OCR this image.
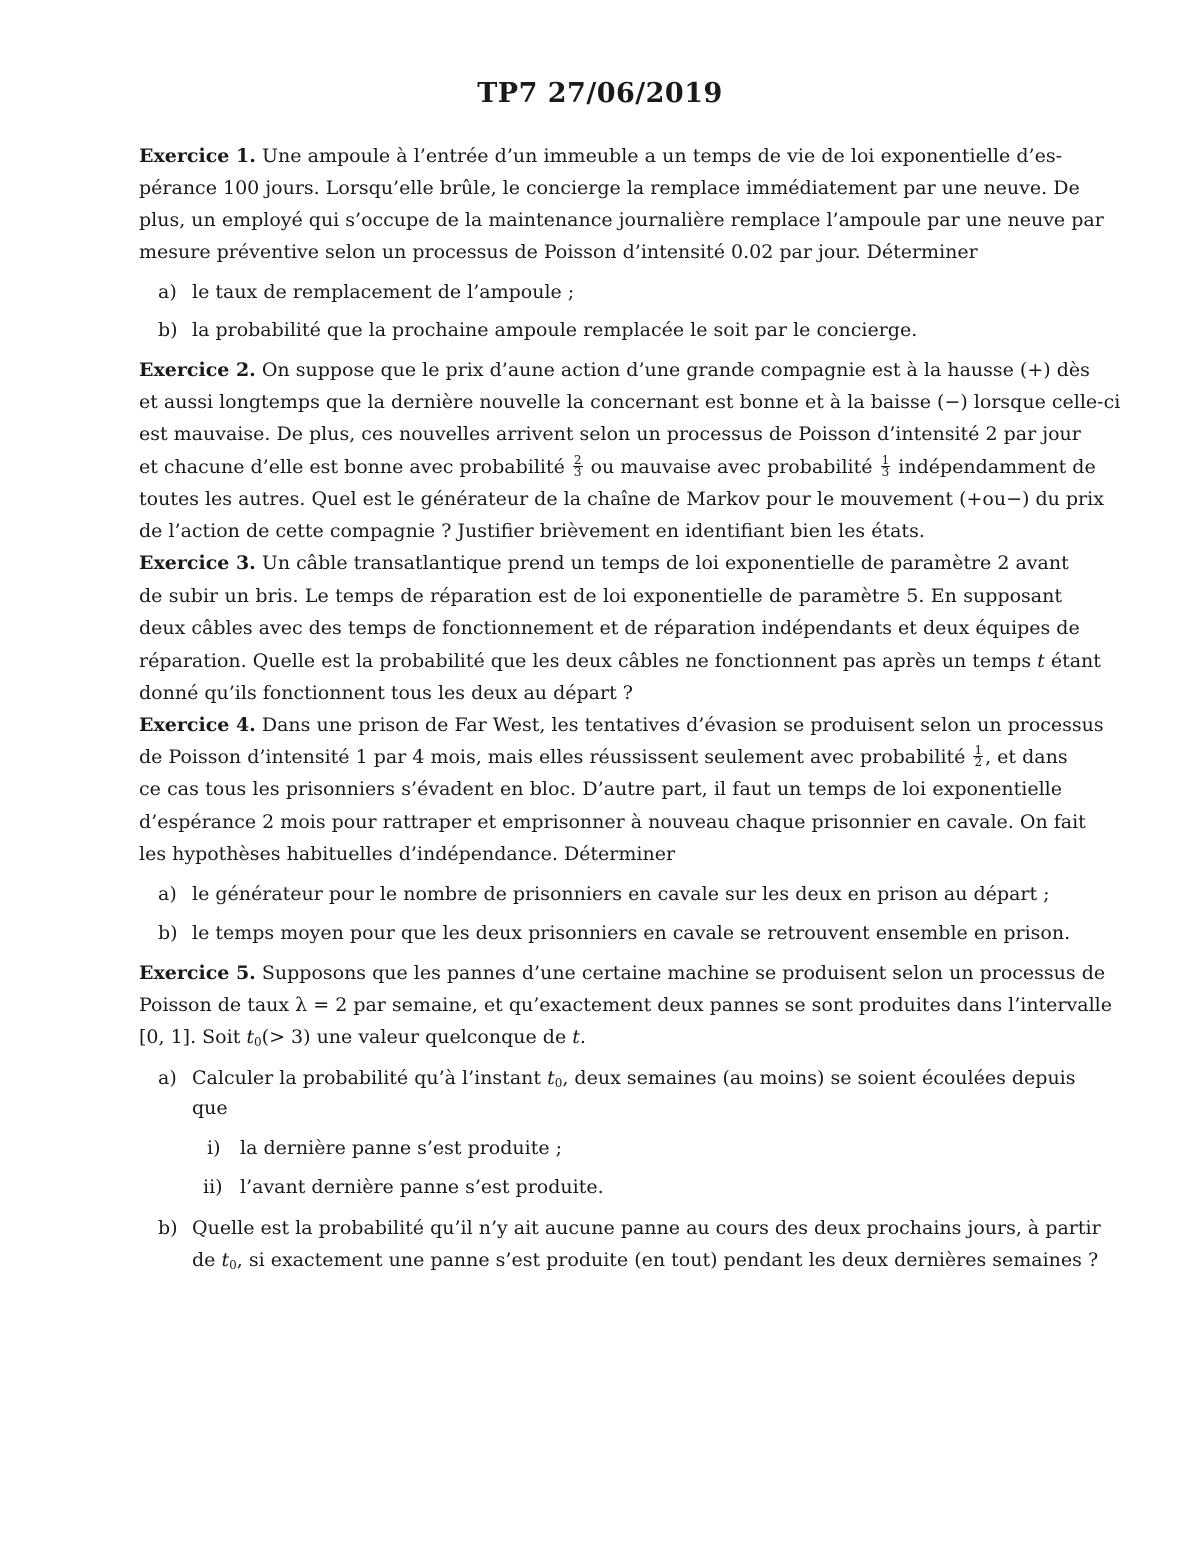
TP7 27/06/2019
Exercice 1. Une ampoule à l’entrée d’un immeuble a un temps de vie de loi exponentielle d’es-
pérance 100 jours. Lorsqu’elle brûle, le concierge la remplace immédiatement par une neuve. De
plus, un employé qui s’occupe de la maintenance journalière remplace l’ampoule par une neuve par
mesure préventive selon un processus de Poisson d’intensité 0.02 par jour. Déterminer
a) le taux de remplacement de l’ampoule ;
b) la probabilité que la prochaine ampoule remplacée le soit par le concierge.
Exercice 2. On suppose que le prix d’aune action d’une grande compagnie est à la hausse (+) dès
et aussi longtemps que la dernière nouvelle la concernant est bonne et à la baisse (−) lorsque celle-ci
est mauvaise. De plus, ces nouvelles arrivent selon un processus de Poisson d’intensité 2 par jour
et chacune d’elle est bonne avec probabilité $\frac{2}{3}$ ou mauvaise avec probabilité $\frac{1}{3}$ indépendamment de
toutes les autres. Quel est le générateur de la chaîne de Markov pour le mouvement (+ou−) du prix
de l’action de cette compagnie ? Justifier brièvement en identifiant bien les états.
Exercice 3. Un câble transatlantique prend un temps de loi exponentielle de paramètre 2 avant
de subir un bris. Le temps de réparation est de loi exponentielle de paramètre 5. En supposant
deux câbles avec des temps de fonctionnement et de réparation indépendants et deux équipes de
réparation. Quelle est la probabilité que les deux câbles ne fonctionnent pas après un temps t étant
donné qu’ils fonctionnent tous les deux au départ ?
Exercice 4. Dans une prison de Far West, les tentatives d’évasion se produisent selon un processus
de Poisson d’intensité 1 par 4 mois, mais elles réussissent seulement avec probabilité $\frac{1}{2}$ , et dans
ce cas tous les prisonniers s’évadent en bloc. D’autre part, il faut un temps de loi exponentielle
d’espérance 2 mois pour rattraper et emprisonner à nouveau chaque prisonnier en cavale. On fait
les hypothèses habituelles d’indépendance. Déterminer
a) le générateur pour le nombre de prisonniers en cavale sur les deux en prison au départ ;
b) le temps moyen pour que les deux prisonniers en cavale se retrouvent ensemble en prison.
Exercice 5. Supposons que les pannes d’une certaine machine se produisent selon un processus de
Poisson de taux λ = 2 par semaine, et qu’exactement deux pannes se sont produites dans l’intervalle
[0, 1]. Soit $t_0(> 3)$ une valeur quelconque de t.
a) Calculer la probabilité qu’à l’instant $t_0$, deux semaines (au moins) se soient écoulées depuis
que
i) la dernière panne s’est produite ;
ii) l’avant dernière panne s’est produite.
b) Quelle est la probabilité qu’il n’y ait aucune panne au cours des deux prochains jours, à partir
de $t_0$, si exactement une panne s’est produite (en tout) pendant les deux dernières semaines ?
